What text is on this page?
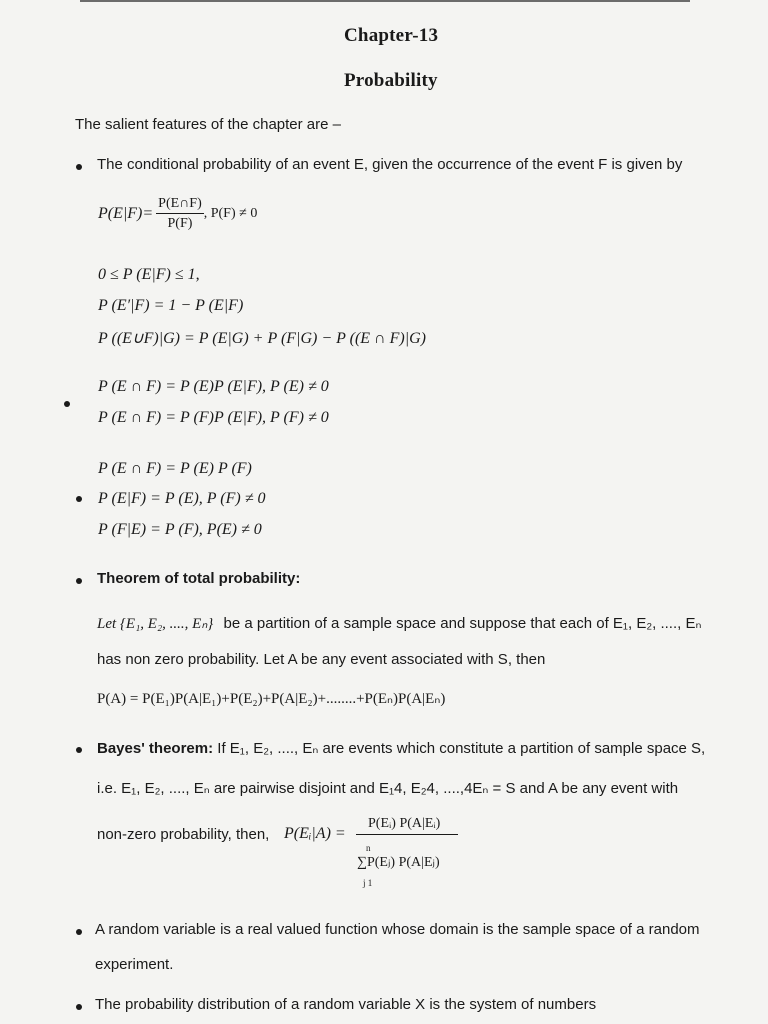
Chapter-13
Probability
The salient features of the chapter are –
The conditional probability of an event E, given the occurrence of the event F is given by
$P(E|F)= \frac{P(E\cap F)}{P(F)}$ , P(F) ≠ 0
0 ≤ P (E|F) ≤ 1,
P (E′|F) = 1 − P (E|F)
P ((E∪F)|G) = P (E|G) + P (F|G) − P ((E ∩ F)|G)
P (E ∩ F) = P (E)P (E|F), P (E) ≠ 0
P (E ∩ F) = P (F)P (E|F), P (F) ≠ 0
P (E ∩ F) = P (E) P (F)
P (E|F) = P (E), P (F) ≠ 0
P (F|E) = P (F), P(E) ≠ 0
Theorem of total probability:
Let {E₁, E₂, ...., Eₙ} be a partition of a sample space and suppose that each of E₁, E₂, ...., Eₙ
has non zero probability. Let A be any event associated with S, then
P(A) = P(E₁)P(A|E₁)+P(E₂)+P(A|E₂)+........+P(Eₙ)P(A|Eₙ)
Bayes' theorem: If E₁, E₂, ...., Eₙ are events which constitute a partition of sample space S,
i.e. E₁, E₂, ...., Eₙ are pairwise disjoint and E₁4, E₂4, ....,4Eₙ = S and A be any event with
non-zero probability, then, P(Eᵢ|A) =
P(Eᵢ) P(A|Eᵢ)
n
∑P(Eⱼ) P(A|Eⱼ)
j 1
A random variable is a real valued function whose domain is the sample space of a random
experiment.
The probability distribution of a random variable X is the system of numbers
